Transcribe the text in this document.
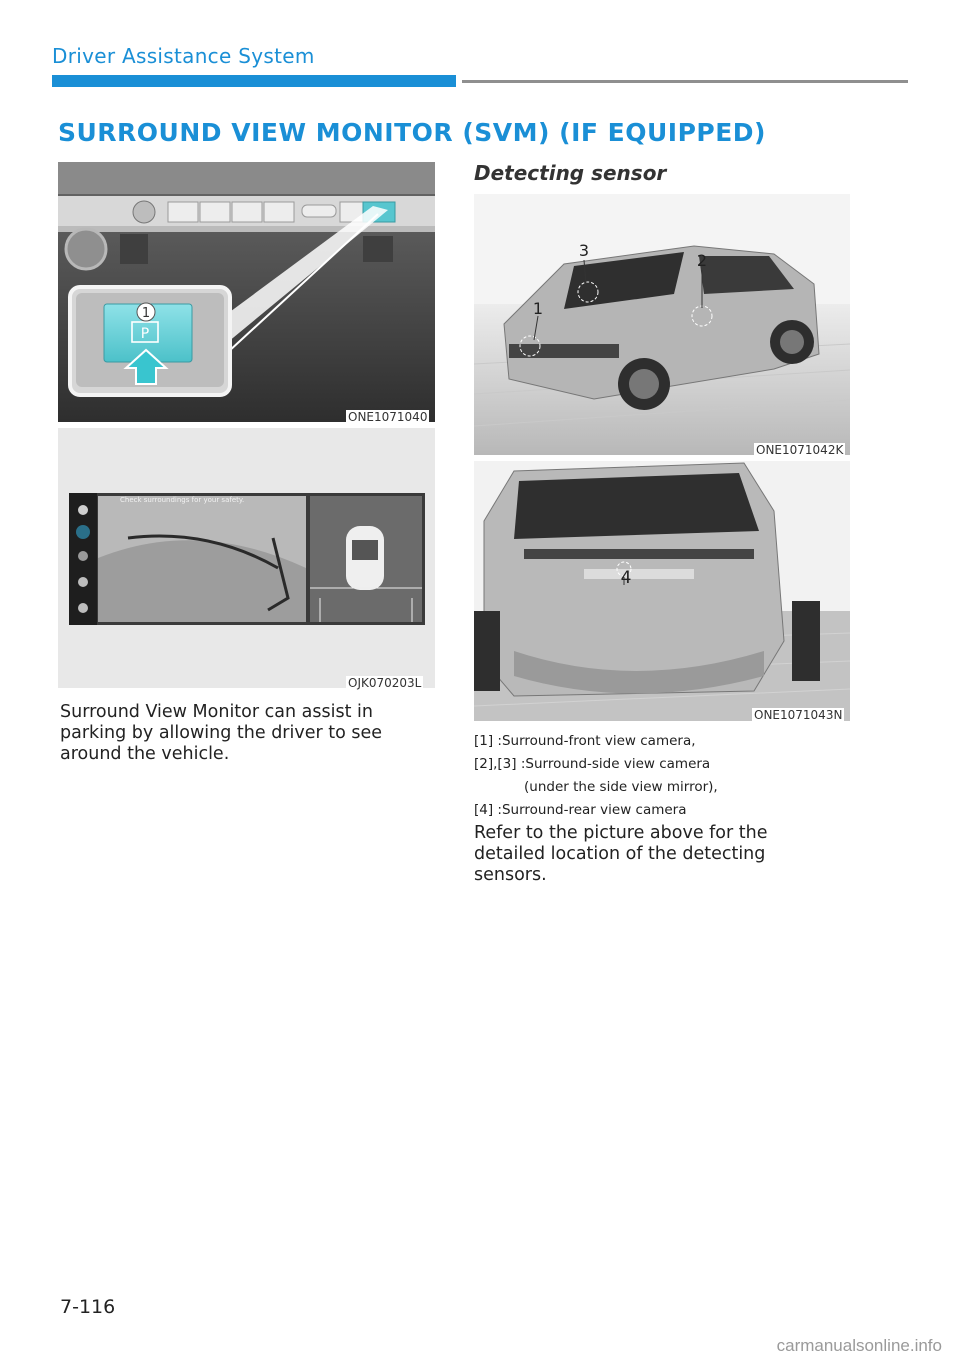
Driver Assistance System
SURROUND VIEW MONITOR (SVM) (IF EQUIPPED)
P
1
ONE1071040
Check surroundings for your safety.
OJK070203L

Surround View Monitor can assist in parking by allowing the driver to see around the vehicle.

Detecting sensor
1
2
3
ONE1071042K
4
ONE1071043N
[1] :Surround-front view camera,
[2],[3] :Surround-side view camera
(under the side view mirror),
[4] :Surround-rear view camera

Refer to the picture above for the detailed location of the detecting sensors.

7-116
carmanualsonline.info
